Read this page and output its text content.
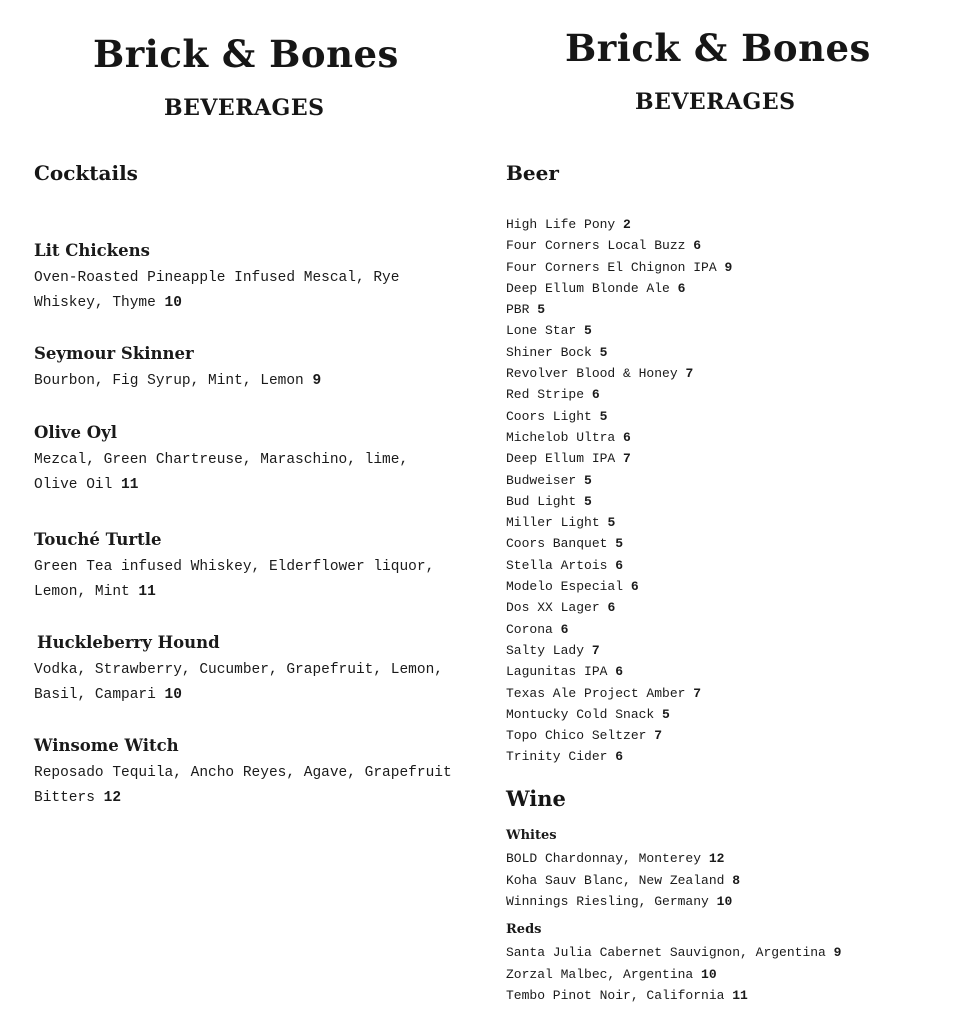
Brick & Bones
BEVERAGES
Cocktails
Lit Chickens
Oven-Roasted Pineapple Infused Mescal, Rye Whiskey, Thyme 10
Seymour Skinner
Bourbon, Fig Syrup, Mint, Lemon 9
Olive Oyl
Mezcal, Green Chartreuse, Maraschino, lime, Olive Oil 11
Touché Turtle
Green Tea infused Whiskey, Elderflower liquor, Lemon, Mint 11
Huckleberry Hound
Vodka, Strawberry, Cucumber, Grapefruit, Lemon, Basil, Campari 10
Winsome Witch
Reposado Tequila, Ancho Reyes, Agave, Grapefruit Bitters 12
Brick & Bones
BEVERAGES
Beer
High Life Pony 2
Four Corners Local Buzz 6
Four Corners El Chignon IPA 9
Deep Ellum Blonde Ale 6
PBR 5
Lone Star 5
Shiner Bock 5
Revolver Blood & Honey 7
Red Stripe 6
Coors Light 5
Michelob Ultra 6
Deep Ellum IPA 7
Budweiser 5
Bud Light 5
Miller Light 5
Coors Banquet 5
Stella Artois 6
Modelo Especial 6
Dos XX Lager 6
Corona 6
Salty Lady 7
Lagunitas IPA 6
Texas Ale Project Amber 7
Montucky Cold Snack 5
Topo Chico Seltzer 7
Trinity Cider 6
Wine
Whites
BOLD Chardonnay, Monterey 12
Koha Sauv Blanc, New Zealand 8
Winnings Riesling, Germany 10
Reds
Santa Julia Cabernet Sauvignon, Argentina 9
Zorzal Malbec, Argentina 10
Tembo Pinot Noir, California 11
